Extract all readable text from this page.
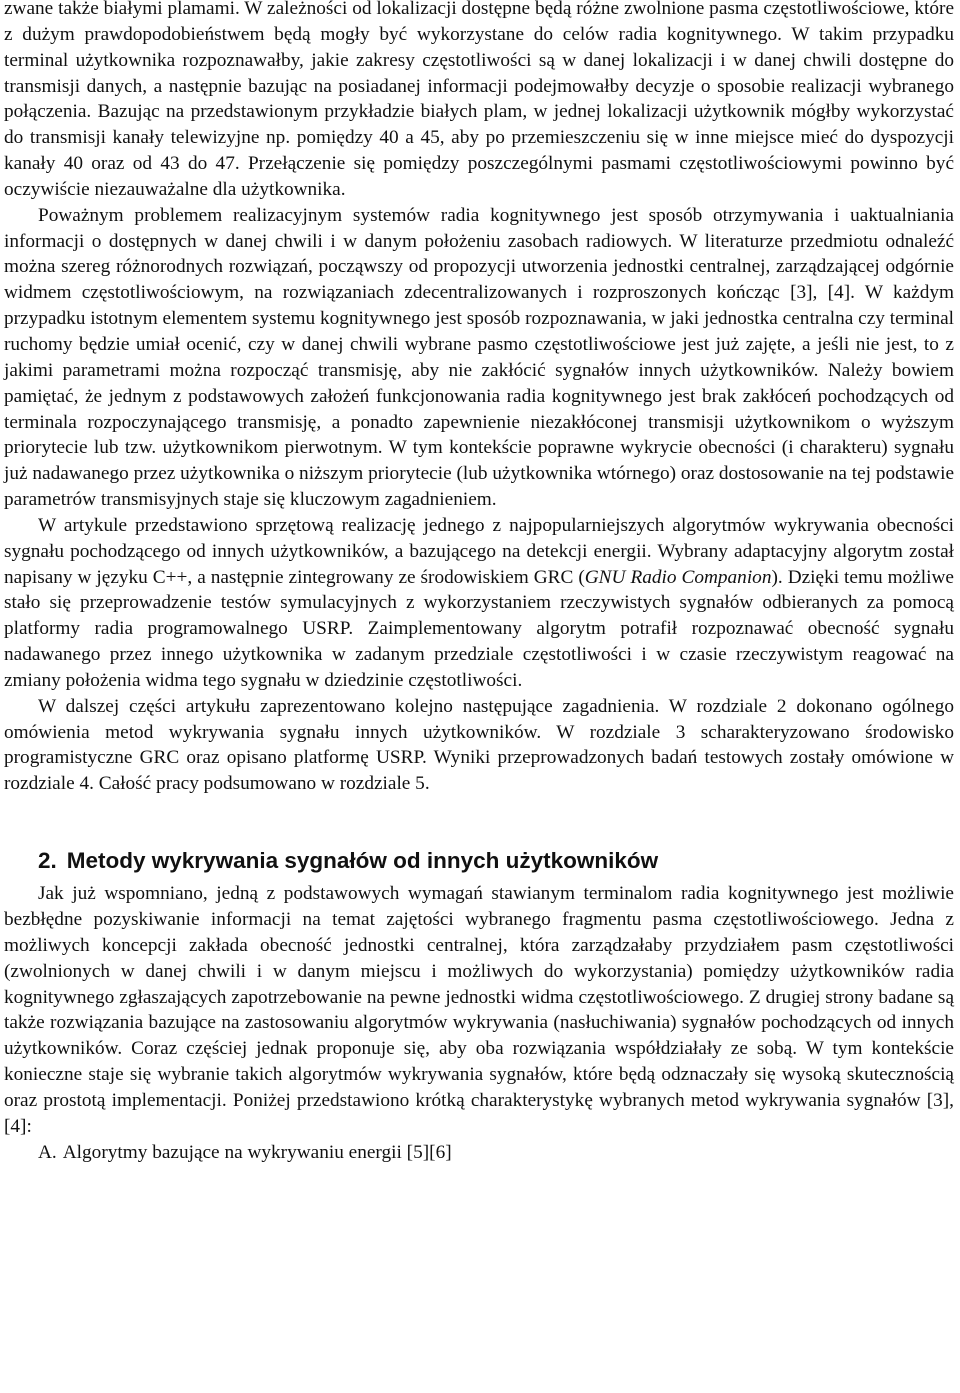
zwane także białymi plamami. W zależności od lokalizacji dostępne będą różne zwolnione pasma częstotliwościowe, które z dużym prawdopodobieństwem będą mogły być wykorzystane do celów radia kognitywnego. W takim przypadku terminal użytkownika rozpoznawałby, jakie zakresy częstotliwości są w danej lokalizacji i w danej chwili dostępne do transmisji danych, a następnie bazując na posiadanej informacji podejmowałby decyzje o sposobie realizacji wybranego połączenia. Bazując na przedstawionym przykładzie białych plam, w jednej lokalizacji użytkownik mógłby wykorzystać do transmisji kanały telewizyjne np. pomiędzy 40 a 45, aby po przemieszczeniu się w inne miejsce mieć do dyspozycji kanały 40 oraz od 43 do 47. Przełączenie się pomiędzy poszczególnymi pasmami częstotliwościowymi powinno być oczywiście niezauważalne dla użytkownika.

Poważnym problemem realizacyjnym systemów radia kognitywnego jest sposób otrzymywania i uaktualniania informacji o dostępnych w danej chwili i w danym położeniu zasobach radiowych. W literaturze przedmiotu odnaleźć można szereg różnorodnych rozwiązań, począwszy od propozycji utworzenia jednostki centralnej, zarządzającej odgórnie widmem częstotliwościowym, na rozwiązaniach zdecentralizowanych i rozproszonych kończąc [3], [4]. W każdym przypadku istotnym elementem systemu kognitywnego jest sposób rozpoznawania, w jaki jednostka centralna czy terminal ruchomy będzie umiał ocenić, czy w danej chwili wybrane pasmo częstotliwościowe jest już zajęte, a jeśli nie jest, to z jakimi parametrami można rozpocząć transmisję, aby nie zakłócić sygnałów innych użytkowników. Należy bowiem pamiętać, że jednym z podstawowych założeń funkcjonowania radia kognitywnego jest brak zakłóceń pochodzących od terminala rozpoczynającego transmisję, a ponadto zapewnienie niezakłóconej transmisji użytkownikom o wyższym priorytecie lub tzw. użytkownikom pierwotnym. W tym kontekście poprawne wykrycie obecności (i charakteru) sygnału już nadawanego przez użytkownika o niższym priorytecie (lub użytkownika wtórnego) oraz dostosowanie na tej podstawie parametrów transmisyjnych staje się kluczowym zagadnieniem.

W artykule przedstawiono sprzętową realizację jednego z najpopularniejszych algorytmów wykrywania obecności sygnału pochodzącego od innych użytkowników, a bazującego na detekcji energii. Wybrany adaptacyjny algorytm został napisany w języku C++, a następnie zintegrowany ze środowiskiem GRC (GNU Radio Companion). Dzięki temu możliwe stało się przeprowadzenie testów symulacyjnych z wykorzystaniem rzeczywistych sygnałów odbieranych za pomocą platformy radia programowalnego USRP. Zaimplementowany algorytm potrafił rozpoznawać obecność sygnału nadawanego przez innego użytkownika w zadanym przedziale częstotliwości i w czasie rzeczywistym reagować na zmiany położenia widma tego sygnału w dziedzinie częstotliwości.

W dalszej części artykułu zaprezentowano kolejno następujące zagadnienia. W rozdziale 2 dokonano ogólnego omówienia metod wykrywania sygnału innych użytkowników. W rozdziale 3 scharakteryzowano środowisko programistyczne GRC oraz opisano platformę USRP. Wyniki przeprowadzonych badań testowych zostały omówione w rozdziale 4. Całość pracy podsumowano w rozdziale 5.

2. Metody wykrywania sygnałów od innych użytkowników

Jak już wspomniano, jedną z podstawowych wymagań stawianym terminalom radia kognitywnego jest możliwie bezbłędne pozyskiwanie informacji na temat zajętości wybranego fragmentu pasma częstotliwościowego. Jedna z możliwych koncepcji zakłada obecność jednostki centralnej, która zarządzałaby przydziałem pasm częstotliwości (zwolnionych w danej chwili i w danym miejscu i możliwych do wykorzystania) pomiędzy użytkowników radia kognitywnego zgłaszających zapotrzebowanie na pewne jednostki widma częstotliwościowego. Z drugiej strony badane są także rozwiązania bazujące na zastosowaniu algorytmów wykrywania (nasłuchiwania) sygnałów pochodzących od innych użytkowników. Coraz częściej jednak proponuje się, aby oba rozwiązania współdziałały ze sobą. W tym kontekście konieczne staje się wybranie takich algorytmów wykrywania sygnałów, które będą odznaczały się wysoką skutecznością oraz prostotą implementacji. Poniżej przedstawiono krótką charakterystykę wybranych metod wykrywania sygnałów [3],[4]:

A. Algorytmy bazujące na wykrywaniu energii [5][6]
